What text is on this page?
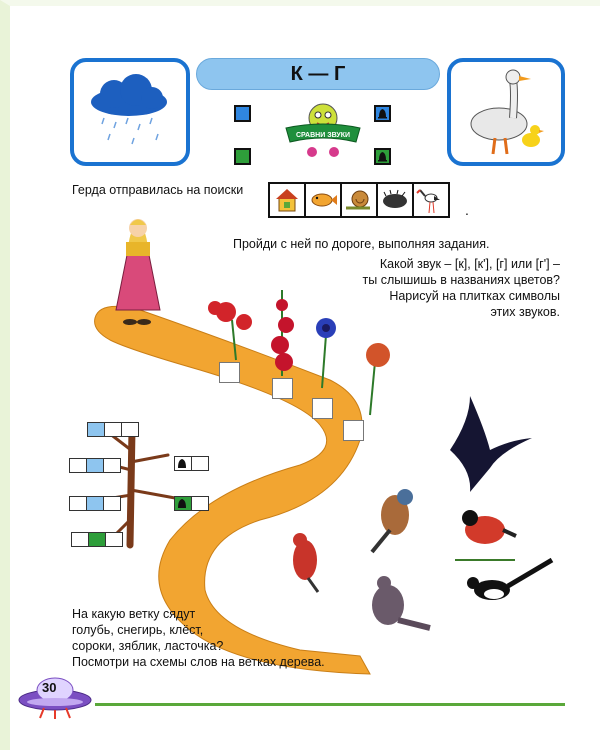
К — Г
СРАВНИ ЗВУКИ
Герда отправилась на поиски
.
Пройди с ней по дороге, выполняя задания.
Какой звук – [к], [к'], [г] или [г'] –
ты слышишь в названиях цветов?
Нарисуй на плитках символы
этих звуков.
На какую ветку сядут
голубь, снегирь, клёст,
сороки, зяблик, ласточка?
Посмотри на схемы слов на ветках дерева.
30
